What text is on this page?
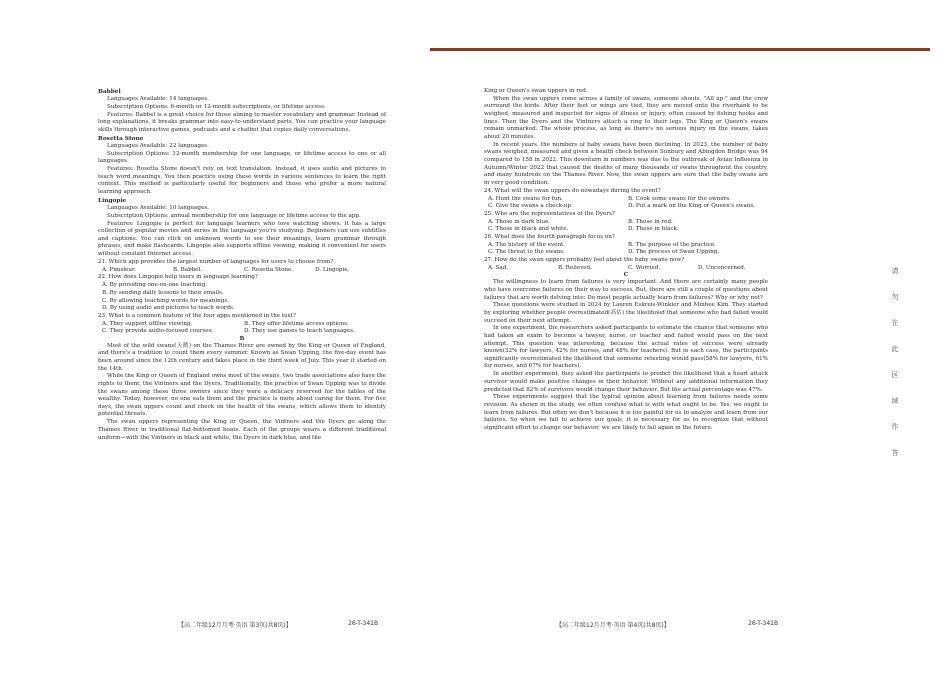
Babbel

Languages Available: 14 languages.

Subscription Options: 6-month or 12-month subscriptions, or lifetime access.

Features: Babbel is a great choice for those aiming to master vocabulary and grammar. Instead of long explanations, it breaks grammar into easy-to-understand parts. You can practice your language skills through interactive games, podcasts and a chatbot that copies daily conversations.

Rosetta Stone

Languages Available: 22 languages.

Subscription Options: 12-month membership for one language, or lifetime access to one or all languages.

Features: Rosetta Stone doesn't rely on text translation. Instead, it uses audio and pictures to teach word meanings. You then practice using these words in various sentences to learn the right context. This method is particularly useful for beginners and those who prefer a more natural learning approach.

Lingopie

Languages Available: 10 languages.

Subscription Options: annual membership for one language or lifetime access to the app.

Features: Lingopie is perfect for language learners who love watching shows. It has a large collection of popular movies and series in the language you're studying. Beginners can use subtitles and captions. You can click on unknown words to see their meanings, learn grammar through phrases, and make flashcards. Lingopie also supports offline viewing, making it convenient for users without constant Internet access.

21. Which app provides the largest number of languages for users to choose from?

A. Pimsleur.	B. Babbel.	C. Rosetta Stone.	D. Lingopie.

22. How does Lingopie help users in language learning?

A. By providing one-on-one teaching.
B. By sending daily lessons to their emails.
C. By allowing teaching words for meanings.
D. By using audio and pictures to teach words.

23. What is a common feature of the four apps mentioned in the text?

A. They support offline viewing.	B. They offer lifetime access options.
C. They provide audio-focused courses.	D. They use games to teach languages.
B

Most of the wild swans(天鹅) on the Thames River are owned by the King or Queen of England, and there's a tradition to count them every summer. Known as Swan Upping, the five-day event has been around since the 12th century and takes place in the third week of July. This year it started on the 14th.

While the King or Queen of England owns most of the swans, two trade associations also have the rights to them: the Vintners and the Dyers. Traditionally, the practice of Swan Upping was to divide the swans among these three owners since they were a delicacy reserved for the tables of the wealthy. Today, however, no one eats them and the practice is more about caring for them. For five days, the swan uppers count and check on the health of the swans, which allows them to identify potential threats.

The swan uppers representing the King or Queen, the Vintners and the Dyers go along the Thames River in traditional flat-bottomed boats. Each of the groups wears a different traditional uniform—with the Vintners in black and white, the Dyers in dark blue, and the

King or Queen's swan uppers in red.

When the swan uppers come across a family of swans, someone shouts, "All up-" and the crew surround the birds. After their feet or wings are tied, they are moved onto the riverbank to be weighed, measured and inspected for signs of illness or injury, often caused by fishing hooks and lines. Then the Dyers and the Vintners attach a ring to their legs. The King or Queen's swans remain unmarked. The whole process, as long as there's no serious injury on the swans, takes about 20 minutes.

In recent years, the numbers of baby swans have been declining. In 2023, the number of baby swans weighed, measured and given a health check between Sunbury and Abingdon Bridge was 94 compared to 158 in 2022. This downturn in numbers was due to the outbreak of Avian Influenza in Autumn/Winter 2022 that caused the deaths of many thousands of swans throughout the country, and many hundreds on the Thames River. Now, the swan uppers are sure that the baby swans are in very good condition.

24. What will the swan uppers do nowadays during the event?

A. Hunt the swans for fun.	B. Cook some swans for the owners.
C. Give the swans a check-up.	D. Put a mark on the King or Queen's swans.

25. Who are the representatives of the Dyers?

A. Those in dark blue.	B. Those in red.
C. Those in black and white.	D. Those in black.

26. What does the fourth paragraph focus on?

A. The history of the event.	B. The purpose of the practice.
C. The threat to the swans.	D. The process of Swan Upping.

27. How do the swan uppers probably feel about the baby swans now?

A. Sad.	B. Relieved.	C. Worried.	D. Unconcerned.
C

The willingness to learn from failures is very important. And there are certainly many people who have overcome failures on their way to success. But, there are still a couple of questions about failures that are worth delving into: Do most people actually learn from failures? Why or why not?

These questions were studied in 2024 by Lauren Eskreis-Winkler and Minhee Kim. They started by exploring whether people overestimated(高估) the likelihood that someone who had failed would succeed on their next attempt.

In one experiment, the researchers asked participants to estimate the chance that someone who had taken an exam to become a lawyer, nurse, or teacher and failed would pass on the next attempt. This question was interesting, because the actual rates of success were already known(32% for lawyers, 42% for nurses, and 48% for teachers). But in each case, the participants significantly overestimated the likelihood that someone retesting would pass(58% for lawyers, 61% for nurses, and 67% for teachers).

In another experiment, they asked the participants to predict the likelihood that a heart attack survivor would make positive changes in their behavior. Without any additional information they predicted that 82% of survivors would change their behavior. But the actual percentage was 47%.

These experiments suggest that the typical opinion about learning from failures needs some revision. As shown in the study, we often confuse what is with what ought to be. Yes, we ought to learn from failures. But often we don't because it is too painful for us to analyze and learn from our failures. So when we fail to achieve our goals, it is necessary for us to recognize that without significant effort to change our behavior, we are likely to fail again in the future.

请
勿
在
此
区
域
作
答
【高二年级12月月考·英语 第3页(共8页)】	26-T-341B	【高二年级12月月考·英语 第4页(共8页)】	26-T-341B
